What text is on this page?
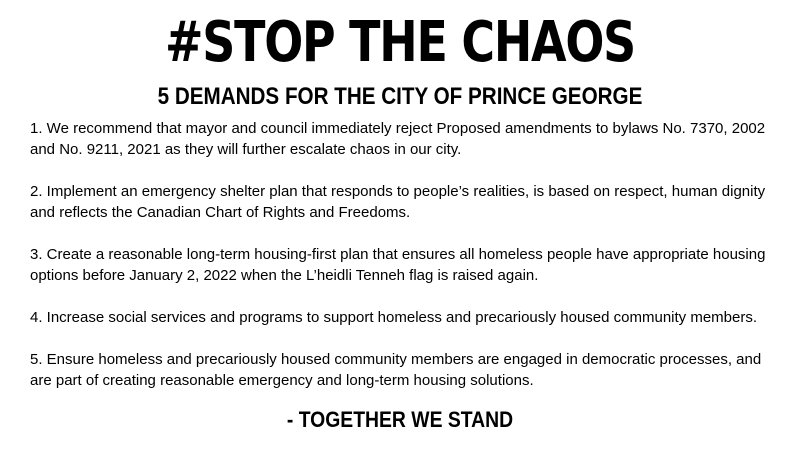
#STOP THE CHAOS
5 DEMANDS FOR THE CITY OF PRINCE GEORGE
1. We recommend that mayor and council immediately reject Proposed amendments to bylaws No. 7370, 2002 and No. 9211, 2021 as they will further escalate chaos in our city.
2. Implement an emergency shelter plan that responds to people’s realities, is based on respect, human dignity and reflects the Canadian Chart of Rights and Freedoms.
3. Create a reasonable long-term housing-first plan that ensures all homeless people have appropriate housing options before January 2, 2022 when the L’heidli Tenneh flag is raised again.
4. Increase social services and programs to support homeless and precariously housed community members.
5. Ensure homeless and precariously housed community members are engaged in democratic processes, and are part of creating reasonable emergency and long-term housing solutions.
- TOGETHER WE STAND
